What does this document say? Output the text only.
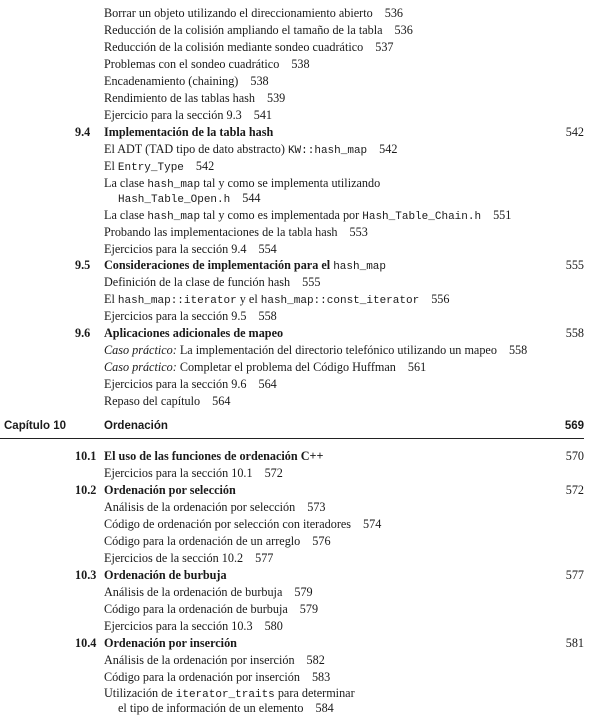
Borrar un objeto utilizando el direccionamiento abierto 536
Reducción de la colisión ampliando el tamaño de la tabla 536
Reducción de la colisión mediante sondeo cuadrático 537
Problemas con el sondeo cuadrático 538
Encadenamiento (chaining) 538
Rendimiento de las tablas hash 539
Ejercicio para la sección 9.3 541
9.4 Implementación de la tabla hash	542
El ADT (TAD tipo de dato abstracto) KW::hash_map 542
El Entry_Type 542
La clase hash_map tal y como se implementa utilizando
Hash_Table_Open.h 544
La clase hash_map tal y como es implementada por Hash_Table_Chain.h 551
Probando las implementaciones de la tabla hash 553
Ejercicios para la sección 9.4 554
9.5 Consideraciones de implementación para el hash_map	555
Definición de la clase de función hash 555
El hash_map::iterator y el hash_map::const_iterator 556
Ejercicios para la sección 9.5 558
9.6 Aplicaciones adicionales de mapeo	558
Caso práctico: La implementación del directorio telefónico utilizando un mapeo 558
Caso práctico: Completar el problema del Código Huffman 561
Ejercicios para la sección 9.6 564
Repaso del capítulo 564
Capítulo 10	Ordenación	569
10.1 El uso de las funciones de ordenación C++	570
Ejercicios para la sección 10.1 572
10.2 Ordenación por selección	572
Análisis de la ordenación por selección 573
Código de ordenación por selección con iteradores 574
Código para la ordenación de un arreglo 576
Ejercicios de la sección 10.2 577
10.3 Ordenación de burbuja	577
Análisis de la ordenación de burbuja 579
Código para la ordenación de burbuja 579
Ejercicios para la sección 10.3 580
10.4 Ordenación por inserción	581
Análisis de la ordenación por inserción 582
Código para la ordenación por inserción 583
Utilización de iterator_traits para determinar
el tipo de información de un elemento 584
